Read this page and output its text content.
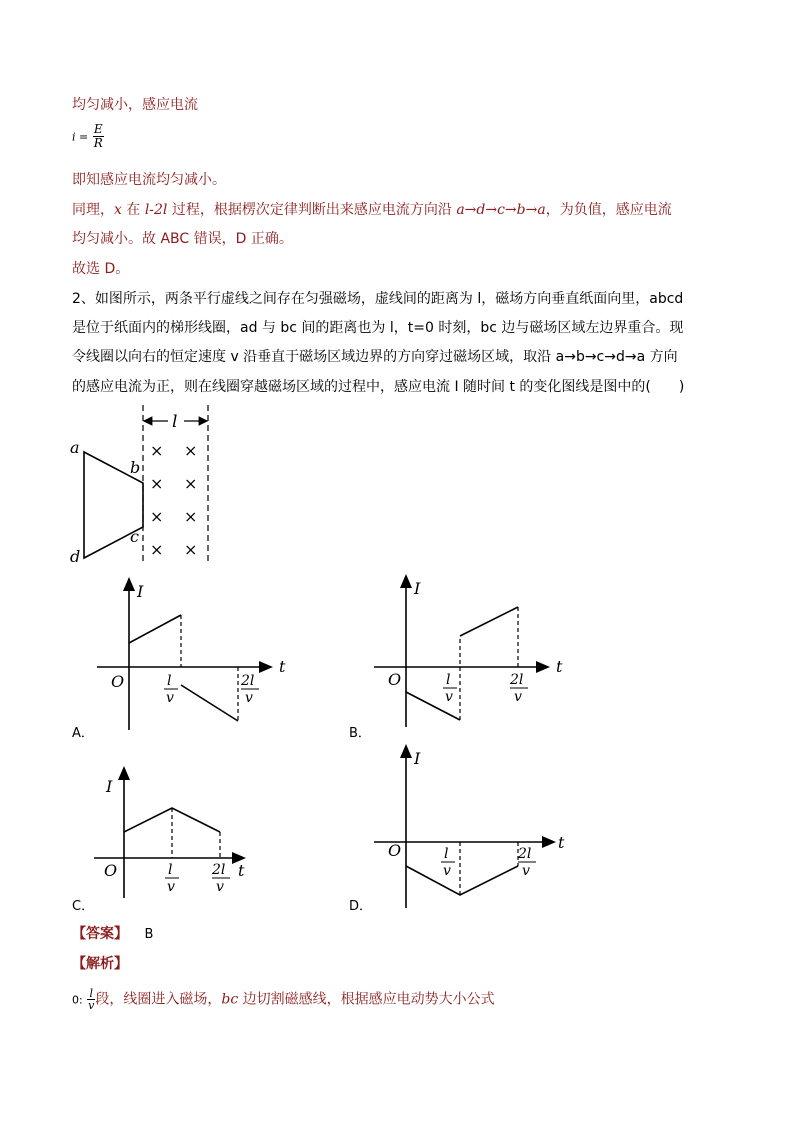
均匀减小，感应电流
$i = \frac{E}{R}$
即知感应电流均匀减小。
同理，x 在 l-2l 过程，根据楞次定律判断出来感应电流方向沿 a→d→c→b→a，为负值，感应电流
均匀减小。故 ABC 错误，D 正确。
故选 D。
2、如图所示，两条平行虚线之间存在匀强磁场，虚线间的距离为 l，磁场方向垂直纸面向里，abcd
是位于纸面内的梯形线圈，ad 与 bc 间的距离也为 l，t=0 时刻，bc 边与磁场区域左边界重合。现
令线圈以向右的恒定速度 v 沿垂直于磁场区域边界的方向穿过磁场区域，取沿 a→b→c→d→a 方向
的感应电流为正，则在线圈穿越磁场区域的过程中，感应电流 I 随时间 t 的变化图线是图中的(　　)
l
a
b
c
d
× ×
× ×
× ×
× ×
I
t
O	l
v
2l
v
A．
I
t
O	l
v
2l
v
B．
I
t
O	l
v
2l
v
C．
I
t
O	l
v
2l
v
D．
【答案】 B
【解析】
0: $\frac{l}{v}$ 段，线圈进入磁场，bc 边切割磁感线，根据感应电动势大小公式
